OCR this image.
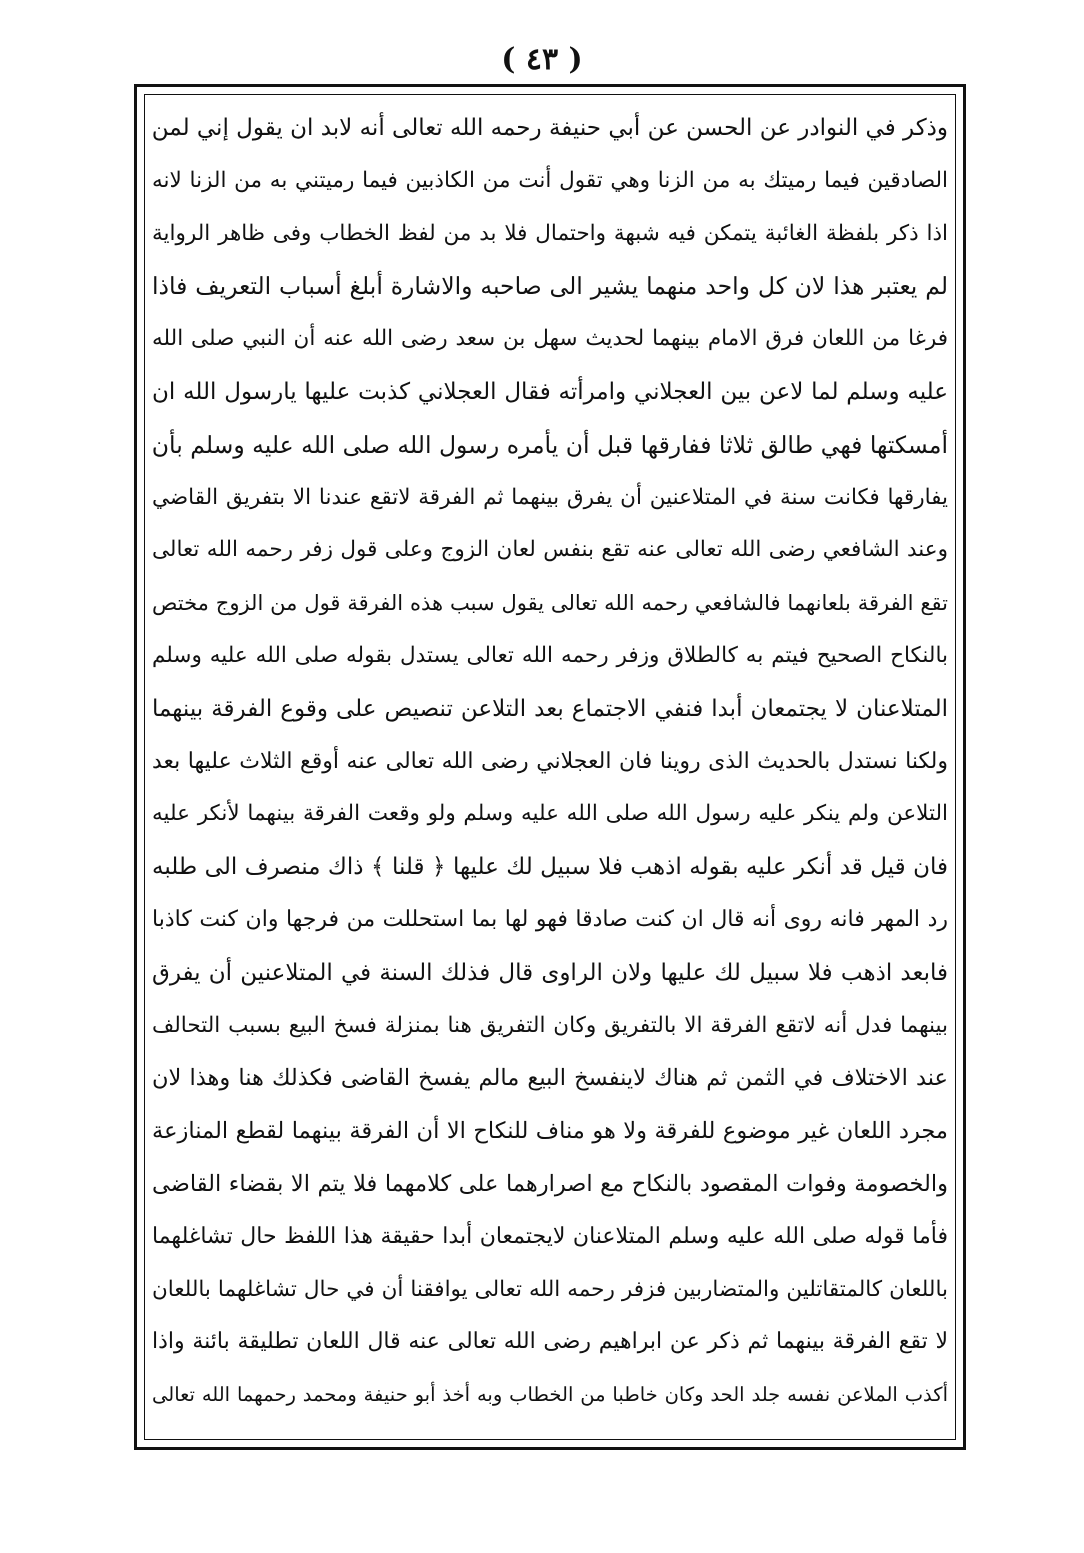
( ٤٣ )
وذكر في النوادر عن الحسن عن أبي حنيفة رحمه الله تعالى أنه لابد ان يقول إني لمن
الصادقين فيما رميتك به من الزنا وهي تقول أنت من الكاذبين فيما رميتني به من الزنا لانه
اذا ذكر بلفظة الغائبة يتمكن فيه شبهة واحتمال فلا بد من لفظ الخطاب وفى ظاهر الرواية
لم يعتبر هذا لان كل واحد منهما يشير الى صاحبه والاشارة أبلغ أسباب التعريف فاذا
فرغا من اللعان فرق الامام بينهما لحديث سهل بن سعد رضى الله عنه أن النبي صلى الله
عليه وسلم لما لاعن بين العجلاني وامرأته فقال العجلاني كذبت عليها يارسول الله ان
أمسكتها فهي طالق ثلاثا ففارقها قبل أن يأمره رسول الله صلى الله عليه وسلم بأن
يفارقها فكانت سنة في المتلاعنين أن يفرق بينهما ثم الفرقة لاتقع عندنا الا بتفريق القاضي
وعند الشافعي رضى الله تعالى عنه تقع بنفس لعان الزوج وعلى قول زفر رحمه الله تعالى
تقع الفرقة بلعانهما فالشافعي رحمه الله تعالى يقول سبب هذه الفرقة قول من الزوج مختص
بالنكاح الصحيح فيتم به كالطلاق وزفر رحمه الله تعالى يستدل بقوله صلى الله عليه وسلم
المتلاعنان لا يجتمعان أبدا فنفي الاجتماع بعد التلاعن تنصيص على وقوع الفرقة بينهما
ولكنا نستدل بالحديث الذى روينا فان العجلاني رضى الله تعالى عنه أوقع الثلاث عليها بعد
التلاعن ولم ينكر عليه رسول الله صلى الله عليه وسلم ولو وقعت الفرقة بينهما لأنكر عليه
فان قيل قد أنكر عليه بقوله اذهب فلا سبيل لك عليها ﴿ قلنا ﴾ ذاك منصرف الى طلبه
رد المهر فانه روى أنه قال ان كنت صادقا فهو لها بما استحللت من فرجها وان كنت كاذبا
فابعد اذهب فلا سبيل لك عليها ولان الراوى قال فذلك السنة في المتلاعنين أن يفرق
بينهما فدل أنه لاتقع الفرقة الا بالتفريق وكان التفريق هنا بمنزلة فسخ البيع بسبب التحالف
عند الاختلاف في الثمن ثم هناك لاينفسخ البيع مالم يفسخ القاضى فكذلك هنا وهذا لان
مجرد اللعان غير موضوع للفرقة ولا هو مناف للنكاح الا أن الفرقة بينهما لقطع المنازعة
والخصومة وفوات المقصود بالنكاح مع اصرارهما على كلامهما فلا يتم الا بقضاء القاضى
فأما قوله صلى الله عليه وسلم المتلاعنان لايجتمعان أبدا حقيقة هذا اللفظ حال تشاغلهما
باللعان كالمتقاتلين والمتضاربين فزفر رحمه الله تعالى يوافقنا أن في حال تشاغلهما باللعان
لا تقع الفرقة بينهما ثم ذكر عن ابراهيم رضى الله تعالى عنه قال اللعان تطليقة بائنة واذا
أكذب الملاعن نفسه جلد الحد وكان خاطبا من الخطاب وبه أخذ أبو حنيفة ومحمد رحمهما الله تعالى
